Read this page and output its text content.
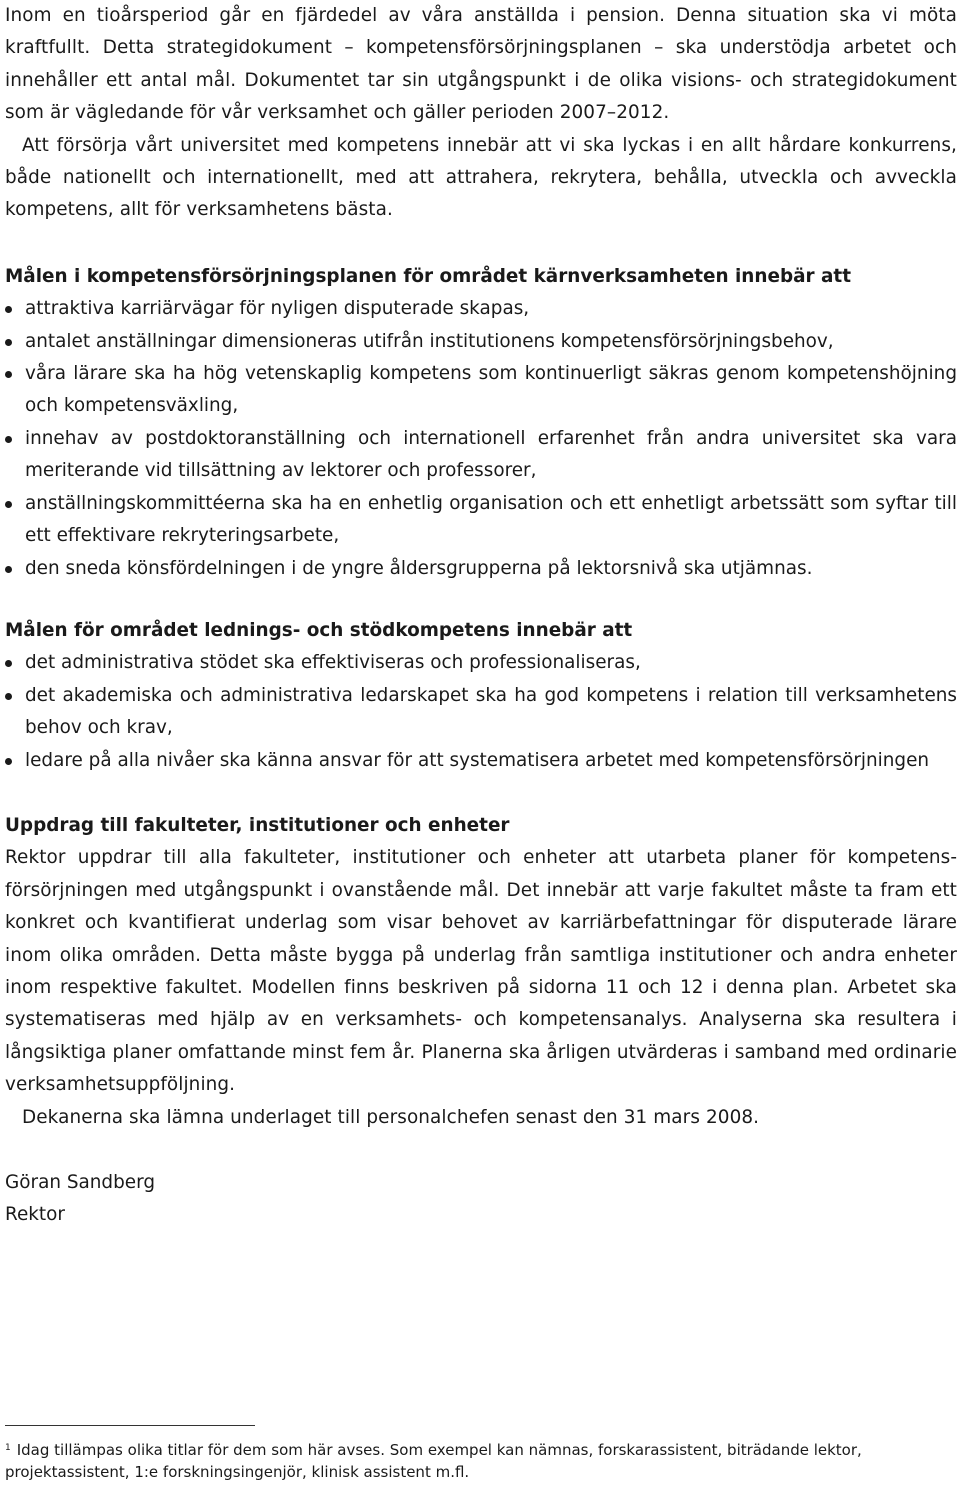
Inom en tioårsperiod går en fjärdedel av våra anställda i pension. Denna situation ska vi möta kraftfullt. Detta strategidokument – kompetensförsörjningsplanen – ska understödja arbetet och innehåller ett antal mål. Dokumentet tar sin utgångspunkt i de olika visions- och strategidokument som är vägledande för vår verksamhet och gäller perioden 2007–2012.

Att försörja vårt universitet med kompetens innebär att vi ska lyckas i en allt hårdare konkurrens, både nationellt och internationellt, med att attrahera, rekrytera, behålla, utveckla och avveckla kompetens, allt för verksamhetens bästa.

Målen i kompetensförsörjningsplanen för området kärnverksamheten innebär att

attraktiva karriärvägar för nyligen disputerade skapas,
antalet anställningar dimensioneras utifrån institutionens kompetensförsörjningsbehov,
våra lärare ska ha hög vetenskaplig kompetens som kontinuerligt säkras genom kompetenshöjning och kompetensväxling,
innehav av postdoktoranställning och internationell erfarenhet från andra universitet ska vara meriterande vid tillsättning av lektorer och professorer,
anställningskommittéerna ska ha en enhetlig organisation och ett enhetligt arbetssätt som syftar till ett effektivare rekryteringsarbete,
den sneda könsfördelningen i de yngre åldersgrupperna på lektorsnivå ska utjämnas.

Målen för området lednings- och stödkompetens innebär att

det administrativa stödet ska effektiviseras och professionaliseras,
det akademiska och administrativa ledarskapet ska ha god kompetens i relation till verksamhetens behov och krav,
ledare på alla nivåer ska känna ansvar för att systematisera arbetet med kompetensförsörjningen

Uppdrag till fakulteter, institutioner och enheter

Rektor uppdrar till alla fakulteter, institutioner och enheter att utarbeta planer för kompetensförsörjningen med utgångspunkt i ovanstående mål. Det innebär att varje fakultet måste ta fram ett konkret och kvantifierat underlag som visar behovet av karriärbefattningar för disputerade lärare inom olika områden. Detta måste bygga på underlag från samtliga institutioner och andra enheter inom respektive fakultet. Modellen finns beskriven på sidorna 11 och 12 i denna plan. Arbetet ska systematiseras med hjälp av en verksamhets- och kompetensanalys. Analyserna ska resultera i långsiktiga planer omfattande minst fem år. Planerna ska årligen utvärderas i samband med ordinarie verksamhetsuppföljning.

Dekanerna ska lämna underlaget till personalchefen senast den 31 mars 2008.

Göran Sandberg

Rektor

$^1$ Idag tillämpas olika titlar för dem som här avses. Som exempel kan nämnas, forskarassistent, biträdande lektor, projektassistent, 1:e forskningsingenjör, klinisk assistent m.fl.
